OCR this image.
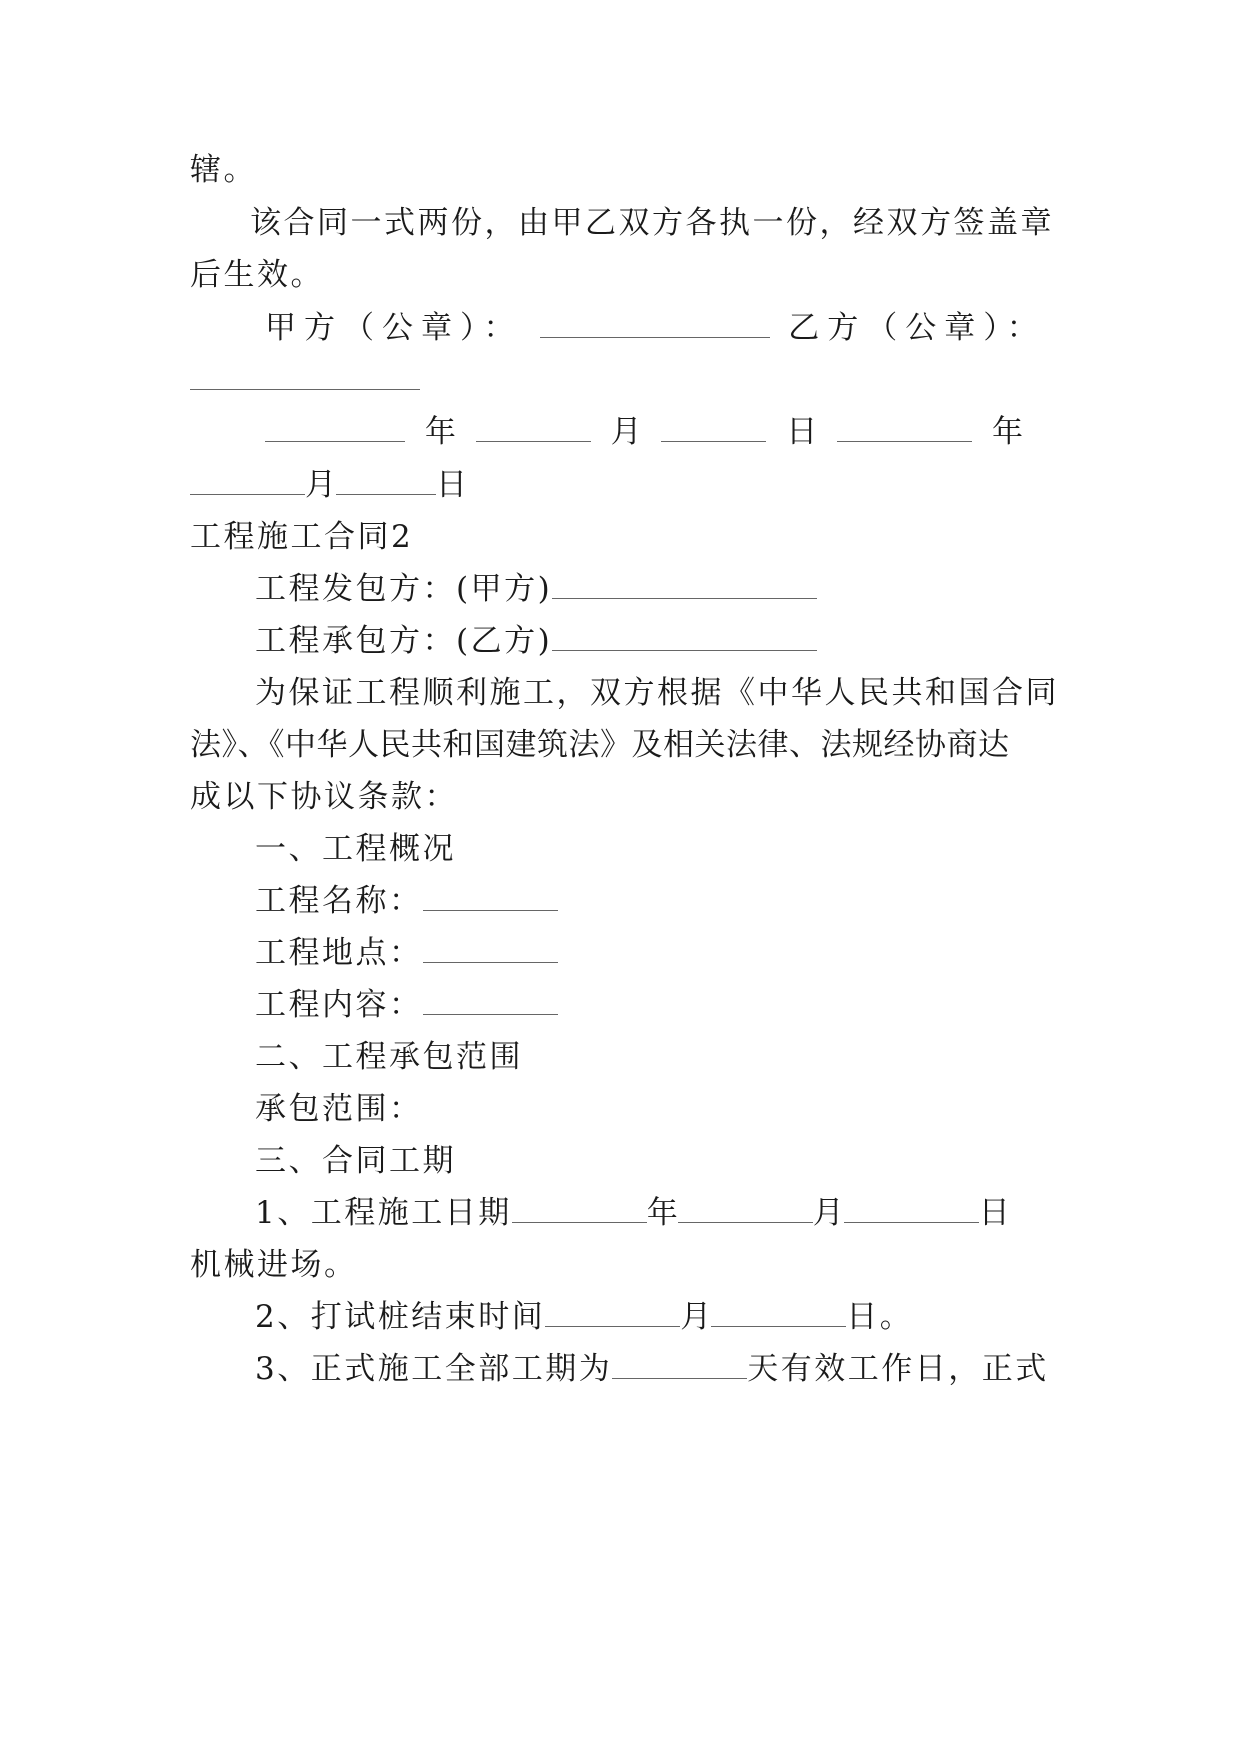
辖。
该合同一式两份，由甲乙双方各执一份，经双方签盖章
后生效。
甲方（公章）：	乙方（公章）：
年	月	日	年
月	日
工程施工合同2
工程发包方：(甲方)
工程承包方：(乙方)
为保证工程顺利施工，双方根据《中华人民共和国合同
法》、《中华人民共和国建筑法》及相关法律、法规经协商达
成以下协议条款：
一、工程概况
工程名称：
工程地点：
工程内容：
二、工程承包范围
承包范围：
三、合同工期
1、工程施工日期	年	月	日
机械进场。
2、打试桩结束时间	月	日。
3、正式施工全部工期为	天有效工作日，正式
